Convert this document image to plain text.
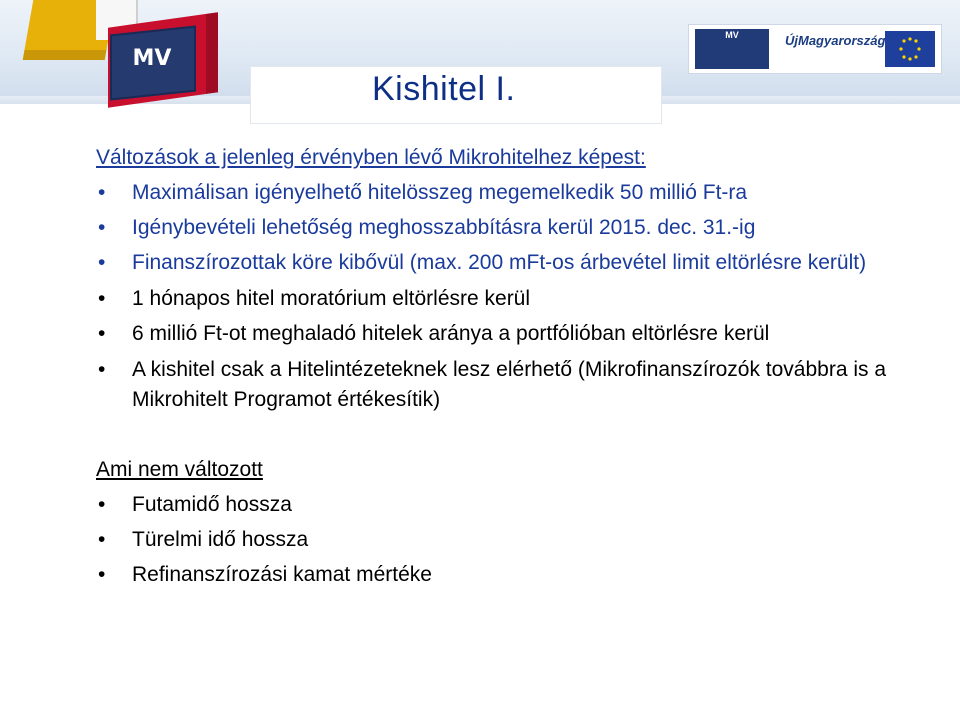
MV
MV	ÚjMagyarország
Kishitel I.
Változások a jelenleg érvényben lévő Mikrohitelhez képest:
• Maximálisan igényelhető hitelösszeg megemelkedik 50 millió Ft-ra
• Igénybevételi lehetőség meghosszabbításra kerül 2015. dec. 31.-ig
• Finanszírozottak köre kibővül (max. 200 mFt-os árbevétel limit eltörlésre került)
• 1 hónapos hitel moratórium eltörlésre kerül
• 6 millió Ft-ot meghaladó hitelek aránya a portfólióban eltörlésre kerül
• A kishitel csak a Hitelintézeteknek lesz elérhető (Mikrofinanszírozók továbbra is a Mikrohitelt Programot értékesítik)
Ami nem változott
• Futamidő hossza
• Türelmi idő hossza
• Refinanszírozási kamat mértéke
